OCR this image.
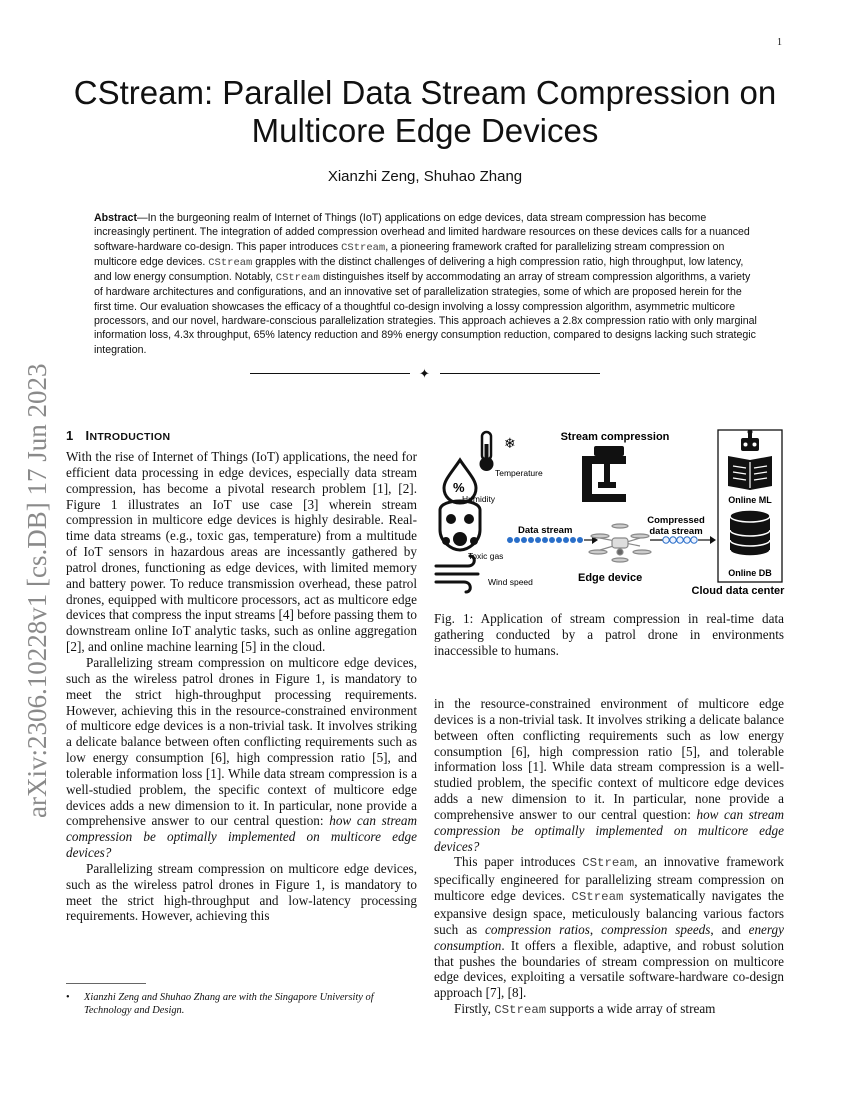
1
arXiv:2306.10228v1 [cs.DB] 17 Jun 2023
CStream: Parallel Data Stream Compression on Multicore Edge Devices
Xianzhi Zeng, Shuhao Zhang

Abstract—In the burgeoning realm of Internet of Things (IoT) applications on edge devices, data stream compression has become increasingly pertinent. The integration of added compression overhead and limited hardware resources on these devices calls for a nuanced software-hardware co-design. This paper introduces CStream, a pioneering framework crafted for parallelizing stream compression on multicore edge devices. CStream grapples with the distinct challenges of delivering a high compression ratio, high throughput, low latency, and low energy consumption. Notably, CStream distinguishes itself by accommodating an array of stream compression algorithms, a variety of hardware architectures and configurations, and an innovative set of parallelization strategies, some of which are proposed herein for the first time. Our evaluation showcases the efficacy of a thoughtful co-design involving a lossy compression algorithm, asymmetric multicore processors, and our novel, hardware-conscious parallelization strategies. This approach achieves a 2.8x compression ratio with only marginal information loss, 4.3x throughput, 65% latency reduction and 89% energy consumption reduction, compared to designs lacking such strategic integration.

✦
1 INTRODUCTION

With the rise of Internet of Things (IoT) applications, the need for efficient data processing in edge devices, especially data stream compression, has become a pivotal research problem [1], [2]. Figure 1 illustrates an IoT use case [3] wherein stream compression in multicore edge devices is highly desirable. Real-time data streams (e.g., toxic gas, temperature) from a multitude of IoT sensors in hazardous areas are incessantly gathered by patrol drones, functioning as edge devices, with limited memory and battery power. To reduce transmission overhead, these patrol drones, equipped with multicore processors, act as multicore edge devices that compress the input streams [4] before passing them to downstream online IoT analytic tasks, such as online aggregation [2], and online machine learning [5] in the cloud.

Parallelizing stream compression on multicore edge devices, such as the wireless patrol drones in Figure 1, is mandatory to meet the strict high-throughput processing requirements. However, achieving this in the resource-constrained environment of multicore edge devices is a non-trivial task. It involves striking a delicate balance between often conflicting requirements such as low energy consumption [6], high compression ratio [5], and tolerable information loss [1]. While data stream compression is a well-studied problem, the specific context of multicore edge devices adds a new dimension to it. In particular, none provide a comprehensive answer to our central question: how can stream compression be optimally implemented on multicore edge devices?

Parallelizing stream compression on multicore edge devices, such as the wireless patrol drones in Figure 1, is mandatory to meet the strict high-throughput and low-latency processing requirements. However, achieving this

• Xianzhi Zeng and Shuhao Zhang are with the Singapore University of Technology and Design.
❄
Temperature
%
Humidity
Toxic gas
Wind speed
Data stream
Stream compression
Edge device
Compressed
data stream
Online ML
Online DB
Cloud data center
Fig. 1: Application of stream compression in real-time data gathering conducted by a patrol drone in environments inaccessible to humans.

in the resource-constrained environment of multicore edge devices is a non-trivial task. It involves striking a delicate balance between often conflicting requirements such as low energy consumption [6], high compression ratio [5], and tolerable information loss [1]. While data stream compression is a well-studied problem, the specific context of multicore edge devices adds a new dimension to it. In particular, none provide a comprehensive answer to our central question: how can stream compression be optimally implemented on multicore edge devices?

This paper introduces CStream, an innovative framework specifically engineered for parallelizing stream compression on multicore edge devices. CStream systematically navigates the expansive design space, meticulously balancing various factors such as compression ratios, compression speeds, and energy consumption. It offers a flexible, adaptive, and robust solution that pushes the boundaries of stream compression on multicore edge devices, exploiting a versatile software-hardware co-design approach [7], [8].

Firstly, CStream supports a wide array of stream
